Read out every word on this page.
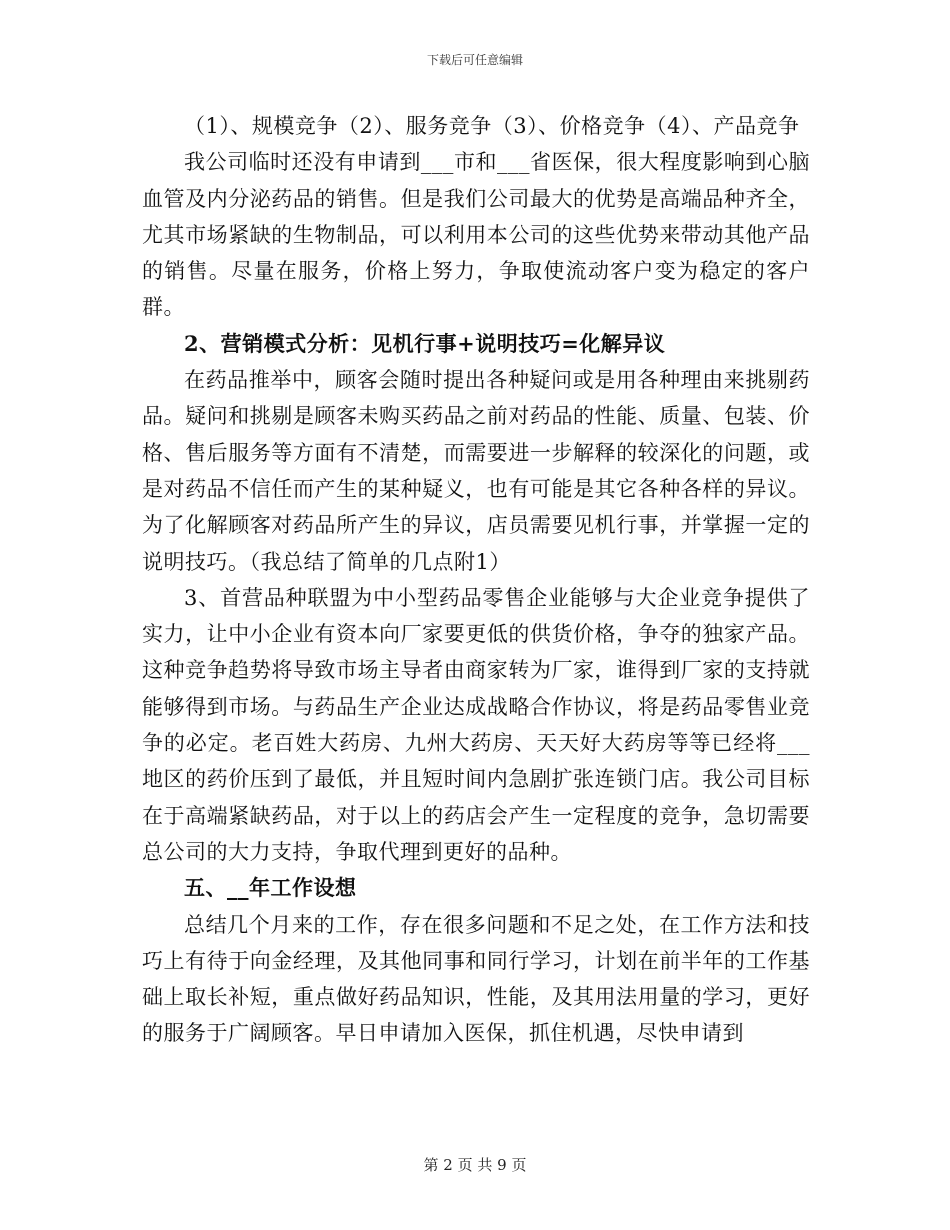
下载后可任意编辑

（1）、规模竞争（2）、服务竞争（3）、价格竞争（4）、产品竞争

我公司临时还没有申请到___市和___省医保，很大程度影响到心脑血管及内分泌药品的销售。但是我们公司最大的优势是高端品种齐全，尤其市场紧缺的生物制品，可以利用本公司的这些优势来带动其他产品的销售。尽量在服务，价格上努力，争取使流动客户变为稳定的客户群。

2、营销模式分析：见机行事+说明技巧=化解异议

在药品推举中，顾客会随时提出各种疑问或是用各种理由来挑剔药品。疑问和挑剔是顾客未购买药品之前对药品的性能、质量、包装、价格、售后服务等方面有不清楚，而需要进一步解释的较深化的问题，或是对药品不信任而产生的某种疑义，也有可能是其它各种各样的异议。为了化解顾客对药品所产生的异议，店员需要见机行事，并掌握一定的说明技巧。（我总结了简单的几点附1）

3、首营品种联盟为中小型药品零售企业能够与大企业竞争提供了实力，让中小企业有资本向厂家要更低的供货价格，争夺的独家产品。这种竞争趋势将导致市场主导者由商家转为厂家，谁得到厂家的支持就能够得到市场。与药品生产企业达成战略合作协议，将是药品零售业竞争的必定。老百姓大药房、九州大药房、天天好大药房等等已经将___地区的药价压到了最低，并且短时间内急剧扩张连锁门店。我公司目标在于高端紧缺药品，对于以上的药店会产生一定程度的竞争，急切需要总公司的大力支持，争取代理到更好的品种。

五、__年工作设想

总结几个月来的工作，存在很多问题和不足之处，在工作方法和技巧上有待于向金经理，及其他同事和同行学习，计划在前半年的工作基础上取长补短，重点做好药品知识，性能，及其用法用量的学习，更好的服务于广阔顾客。早日申请加入医保，抓住机遇，尽快申请到

第 2 页 共 9 页
